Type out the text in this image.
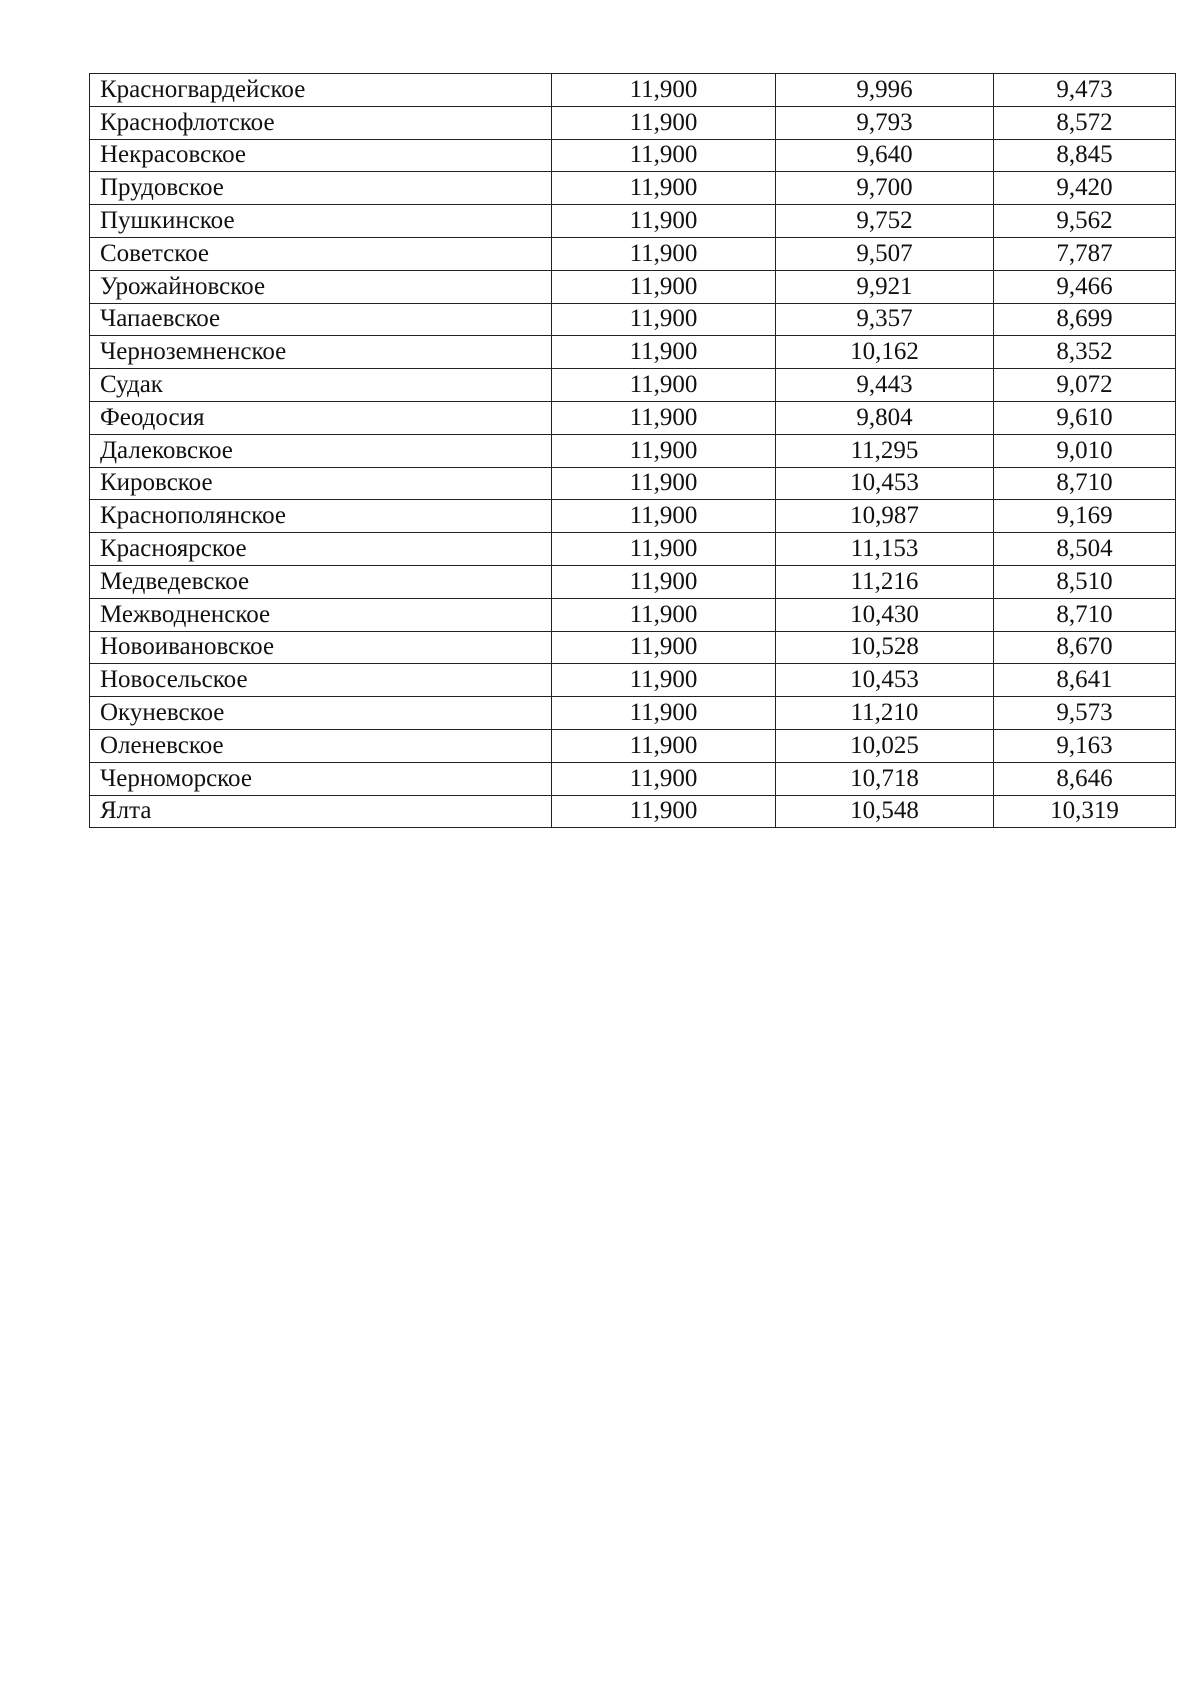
Красногвардейское	11,900	9,996	9,473
Краснофлотское	11,900	9,793	8,572
Некрасовское	11,900	9,640	8,845
Прудовское	11,900	9,700	9,420
Пушкинское	11,900	9,752	9,562
Советское	11,900	9,507	7,787
Урожайновское	11,900	9,921	9,466
Чапаевское	11,900	9,357	8,699
Черноземненское	11,900	10,162	8,352
Судак	11,900	9,443	9,072
Феодосия	11,900	9,804	9,610
Далековское	11,900	11,295	9,010
Кировское	11,900	10,453	8,710
Краснополянское	11,900	10,987	9,169
Красноярское	11,900	11,153	8,504
Медведевское	11,900	11,216	8,510
Межводненское	11,900	10,430	8,710
Новоивановское	11,900	10,528	8,670
Новосельское	11,900	10,453	8,641
Окуневское	11,900	11,210	9,573
Оленевское	11,900	10,025	9,163
Черноморское	11,900	10,718	8,646
Ялта	11,900	10,548	10,319
